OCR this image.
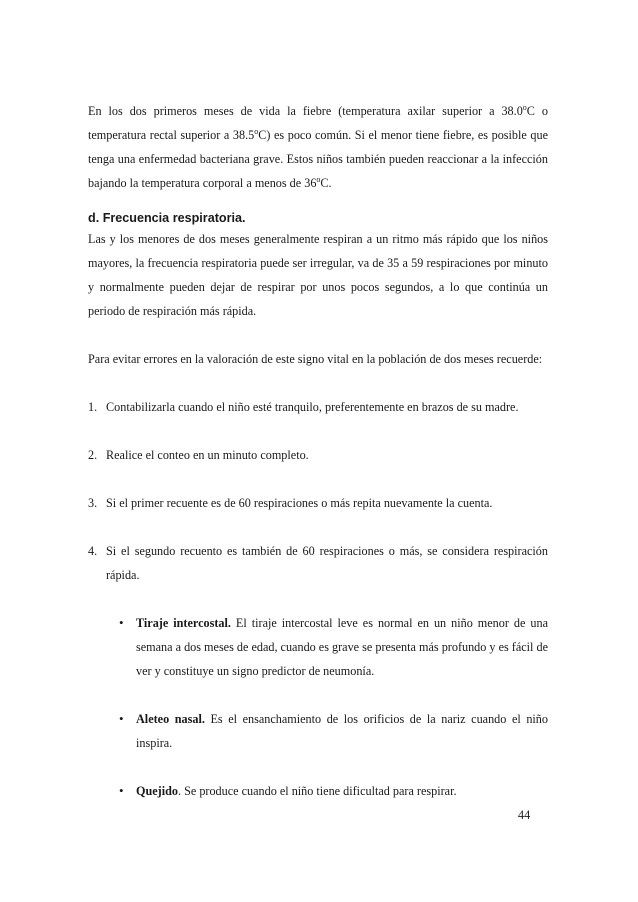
En los dos primeros meses de vida la fiebre (temperatura axilar superior a 38.0$^o$C o temperatura rectal superior a 38.5$^o$C) es poco común. Si el menor tiene fiebre, es posible que tenga una enfermedad bacteriana grave. Estos niños también pueden reaccionar a la infección bajando la temperatura corporal a menos de 36$^o$C.

d. Frecuencia respiratoria.

Las y los menores de dos meses generalmente respiran a un ritmo más rápido que los niños mayores, la frecuencia respiratoria puede ser irregular, va de 35 a 59 respiraciones por minuto y normalmente pueden dejar de respirar por unos pocos segundos, a lo que continúa un periodo de respiración más rápida.

Para evitar errores en la valoración de este signo vital en la población de dos meses recuerde:

1. Contabilizarla cuando el niño esté tranquilo, preferentemente en brazos de su madre.
2. Realice el conteo en un minuto completo.
3. Si el primer recuente es de 60 respiraciones o más repita nuevamente la cuenta.
4. Si el segundo recuento es también de 60 respiraciones o más, se considera respiración rápida.
•	Tiraje intercostal. El tiraje intercostal leve es normal en un niño menor de una semana a dos meses de edad, cuando es grave se presenta más profundo y es fácil de ver y constituye un signo predictor de neumonía.
•	Aleteo nasal. Es el ensanchamiento de los orificios de la nariz cuando el niño inspira.
•	Quejido. Se produce cuando el niño tiene dificultad para respirar.
44
